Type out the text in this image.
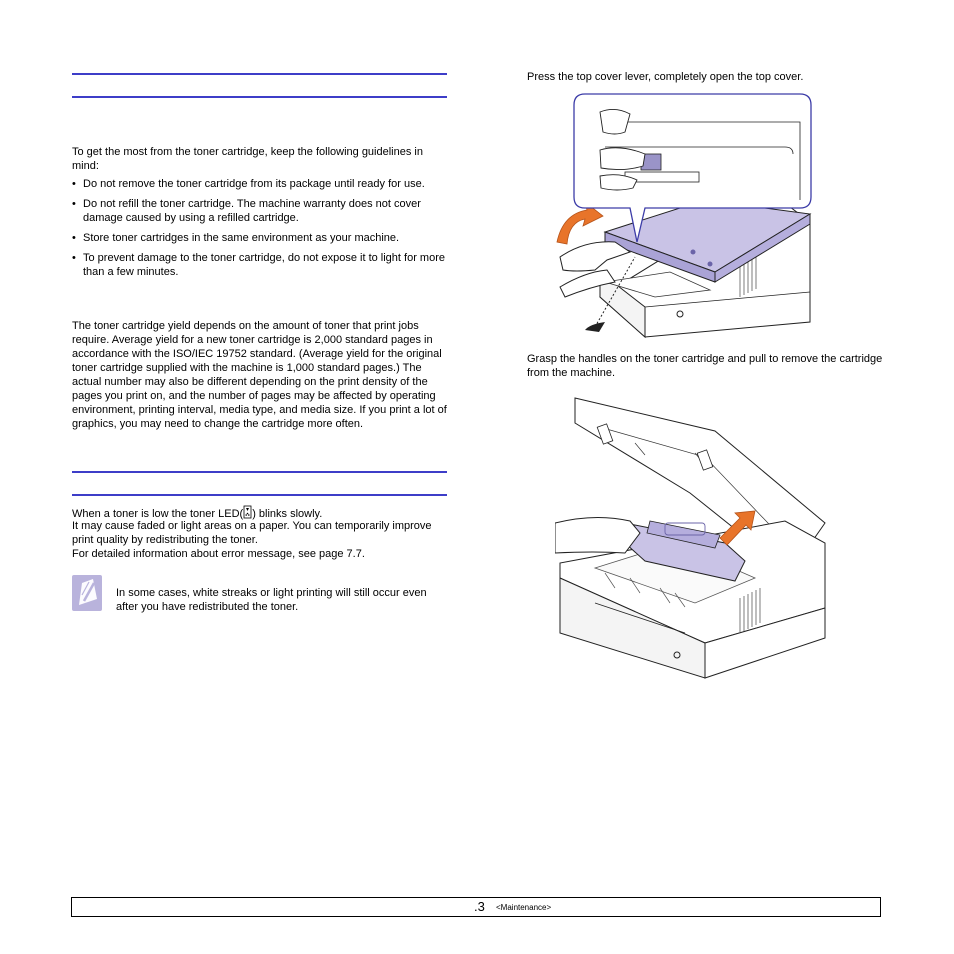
To get the most from the toner cartridge, keep the following guidelines in mind:

• Do not remove the toner cartridge from its package until ready for use.
• Do not refill the toner cartridge. The machine warranty does not cover damage caused by using a refilled cartridge.
• Store toner cartridges in the same environment as your machine.
• To prevent damage to the toner cartridge, do not expose it to light for more than a few minutes.

The toner cartridge yield depends on the amount of toner that print jobs require. Average yield for a new toner cartridge is 2,000 standard pages in accordance with the ISO/IEC 19752 standard. (Average yield for the original toner cartridge supplied with the machine is 1,000 standard pages.) The actual number may also be different depending on the print density of the pages you print on, and the number of pages may be affected by operating environment, printing interval, media type, and media size. If you print a lot of graphics, you may need to change the cartridge more often.

When a toner is low the toner LED( ) blinks slowly.

It may cause faded or light areas on a paper. You can temporarily improve print quality by redistributing the toner.

For detailed information about error message, see page 7.7.

In some cases, white streaks or light printing will still occur even after you have redistributed the toner.

Press the top cover lever, completely open the top cover.

Grasp the handles on the toner cartridge and pull to remove the cartridge from the machine.

.3 <Maintenance>
